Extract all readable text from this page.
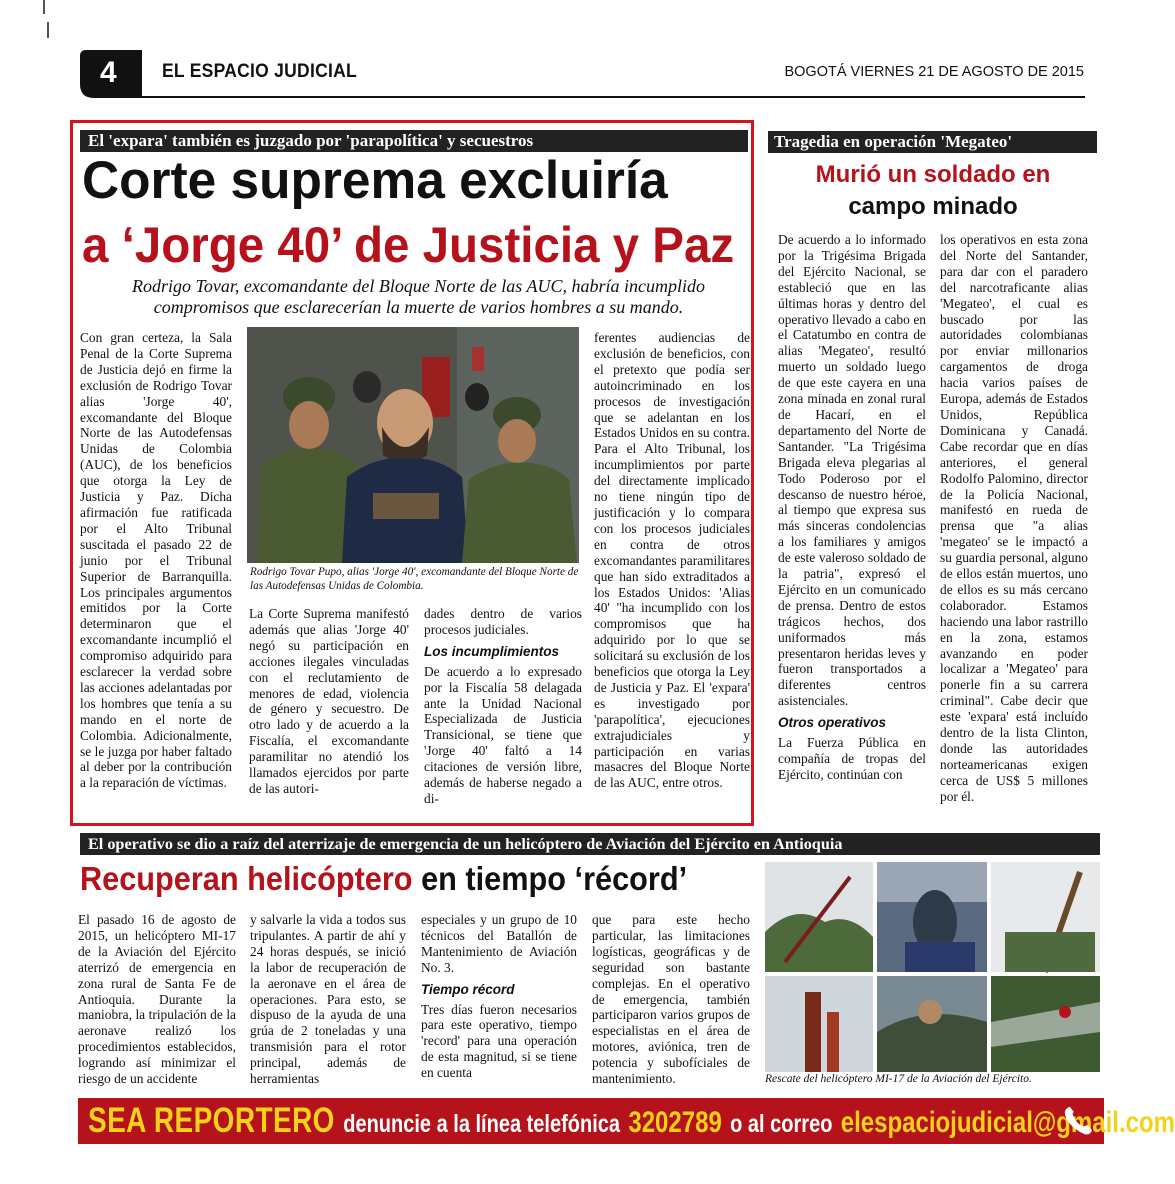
4 EL ESPACIO JUDICIAL	BOGOTÁ VIERNES 21 DE AGOSTO DE 2015
El 'expara' también es juzgado por 'parapolítica' y secuestros
Corte suprema excluiría
a ‘Jorge 40’ de Justicia y Paz
Rodrigo Tovar, excomandante del Bloque Norte de las AUC, habría incumplido compromisos que esclarecerían la muerte de varios hombres a su mando.

Con gran certeza, la Sala Penal de la Corte Suprema de Justicia dejó en firme la exclusión de Rodrigo Tovar alias 'Jorge 40', excomandante del Bloque Norte de las Autodefensas Unidas de Colombia (AUC), de los beneficios que otorga la Ley de Justicia y Paz. Dicha afirmación fue ratificada por el Alto Tribunal suscitada el pasado 22 de junio por el Tribunal Superior de Barranquilla. Los principales argumentos emitidos por la Corte determinaron que el excomandante incumplió el compromiso adquirido para esclarecer la verdad sobre las acciones adelantadas por los hombres que tenía a su mando en el norte de Colombia. Adicionalmente, se le juzga por haber faltado al deber por la contribución a la reparación de víctimas.

Rodrigo Tovar Pupo, alias 'Jorge 40', excomandante del Bloque Norte de las Autodefensas Unidas de Colombia.

La Corte Suprema manifestó además que alias 'Jorge 40' negó su participación en acciones ilegales vinculadas con el reclutamiento de menores de edad, violencia de género y secuestro. De otro lado y de acuerdo a la Fiscalía, el excomandante paramilitar no atendió los llamados ejercidos por parte de las autori-

dades dentro de varios procesos judiciales.

Los incumplimientos

De acuerdo a lo expresado por la Fiscalía 58 delagada ante la Unidad Nacional Especializada de Justicia Transicional, se tiene que 'Jorge 40' faltó a 14 citaciones de versión libre, además de haberse negado a di-

ferentes audiencias de exclusión de beneficios, con el pretexto que podía ser autoincriminado en los procesos de investigación que se adelantan en los Estados Unidos en su contra. Para el Alto Tribunal, los incumplimientos por parte del directamente implicado no tiene ningún tipo de justificación y lo compara con los procesos judiciales en contra de otros excomandantes paramilitares que han sido extraditados a los Estados Unidos: 'Alias 40' "ha incumplido con los compromisos que ha adquirido por lo que se solicitará su exclusión de los beneficios que otorga la Ley de Justicia y Paz. El 'expara' es investigado por 'parapolítica', ejecuciones extrajudiciales y participación en varias masacres del Bloque Norte de las AUC, entre otros.

Tragedia en operación 'Megateo'
Murió un soldado en
campo minado

De acuerdo a lo informado por la Trigésima Brigada del Ejército Nacional, se estableció que en las últimas horas y dentro del operativo llevado a cabo en el Catatumbo en contra de alias 'Megateo', resultó muerto un soldado luego de que este cayera en una zona minada en zonal rural de Hacarí, en el departamento del Norte de Santander. "La Trigésima Brigada eleva plegarias al Todo Poderoso por el descanso de nuestro héroe, al tiempo que expresa sus más sinceras condolencias a los familiares y amigos de este valeroso soldado de la patria", expresó el Ejército en un comunicado de prensa. Dentro de estos trágicos hechos, dos uniformados más presentaron heridas leves y fueron transportados a diferentes centros asistenciales.

Otros operativos

La Fuerza Pública en compañía de tropas del Ejército, continúan con

los operativos en esta zona del Norte del Santander, para dar con el paradero del narcotraficante alias 'Megateo', el cual es buscado por las autoridades colombianas por enviar millonarios cargamentos de droga hacia varios países de Europa, además de Estados Unidos, República Dominicana y Canadá. Cabe recordar que en días anteriores, el general Rodolfo Palomino, director de la Policía Nacional, manifestó en rueda de prensa que "a alias 'megateo' se le impactó a su guardia personal, alguno de ellos están muertos, uno de ellos es su más cercano colaborador. Estamos haciendo una labor rastrillo en la zona, estamos avanzando en poder localizar a 'Megateo' para ponerle fin a su carrera criminal". Cabe decir que este 'expara' está incluído dentro de la lista Clinton, donde las autoridades norteamericanas exigen cerca de US$ 5 millones por él.

El operativo se dio a raíz del aterrizaje de emergencia de un helicóptero de Aviación del Ejército en Antioquia
Recuperan helicóptero en tiempo ‘récord’

El pasado 16 de agosto de 2015, un helicóptero MI-17 de la Aviación del Ejército aterrizó de emergencia en zona rural de Santa Fe de Antioquia. Durante la maniobra, la tripulación de la aeronave realizó los procedimientos establecidos, logrando así minimizar el riesgo de un accidente

y salvarle la vida a todos sus tripulantes. A partir de ahí y 24 horas después, se inició la labor de recuperación de la aeronave en el área de operaciones. Para esto, se dispuso de la ayuda de una grúa de 2 toneladas y una transmisión para el rotor principal, además de herramientas

especiales y un grupo de 10 técnicos del Batallón de Mantenimiento de Aviación No. 3.

Tiempo récord

Tres días fueron necesarios para este operativo, tiempo 'record' para una operación de esta magnitud, si se tiene en cuenta

que para este hecho particular, las limitaciones logísticas, geográficas y de seguridad son bastante complejas. En el operativo de emergencia, también participaron varios grupos de especialistas en el área de motores, aviónica, tren de potencia y subofíciales de mantenimiento.	Rescate del helicóptero MI-17 de la Aviación del Ejército.
SEA REPORTERO denuncie a la línea telefónica 3202789 o al correo elespaciojudicial@gmail.com
